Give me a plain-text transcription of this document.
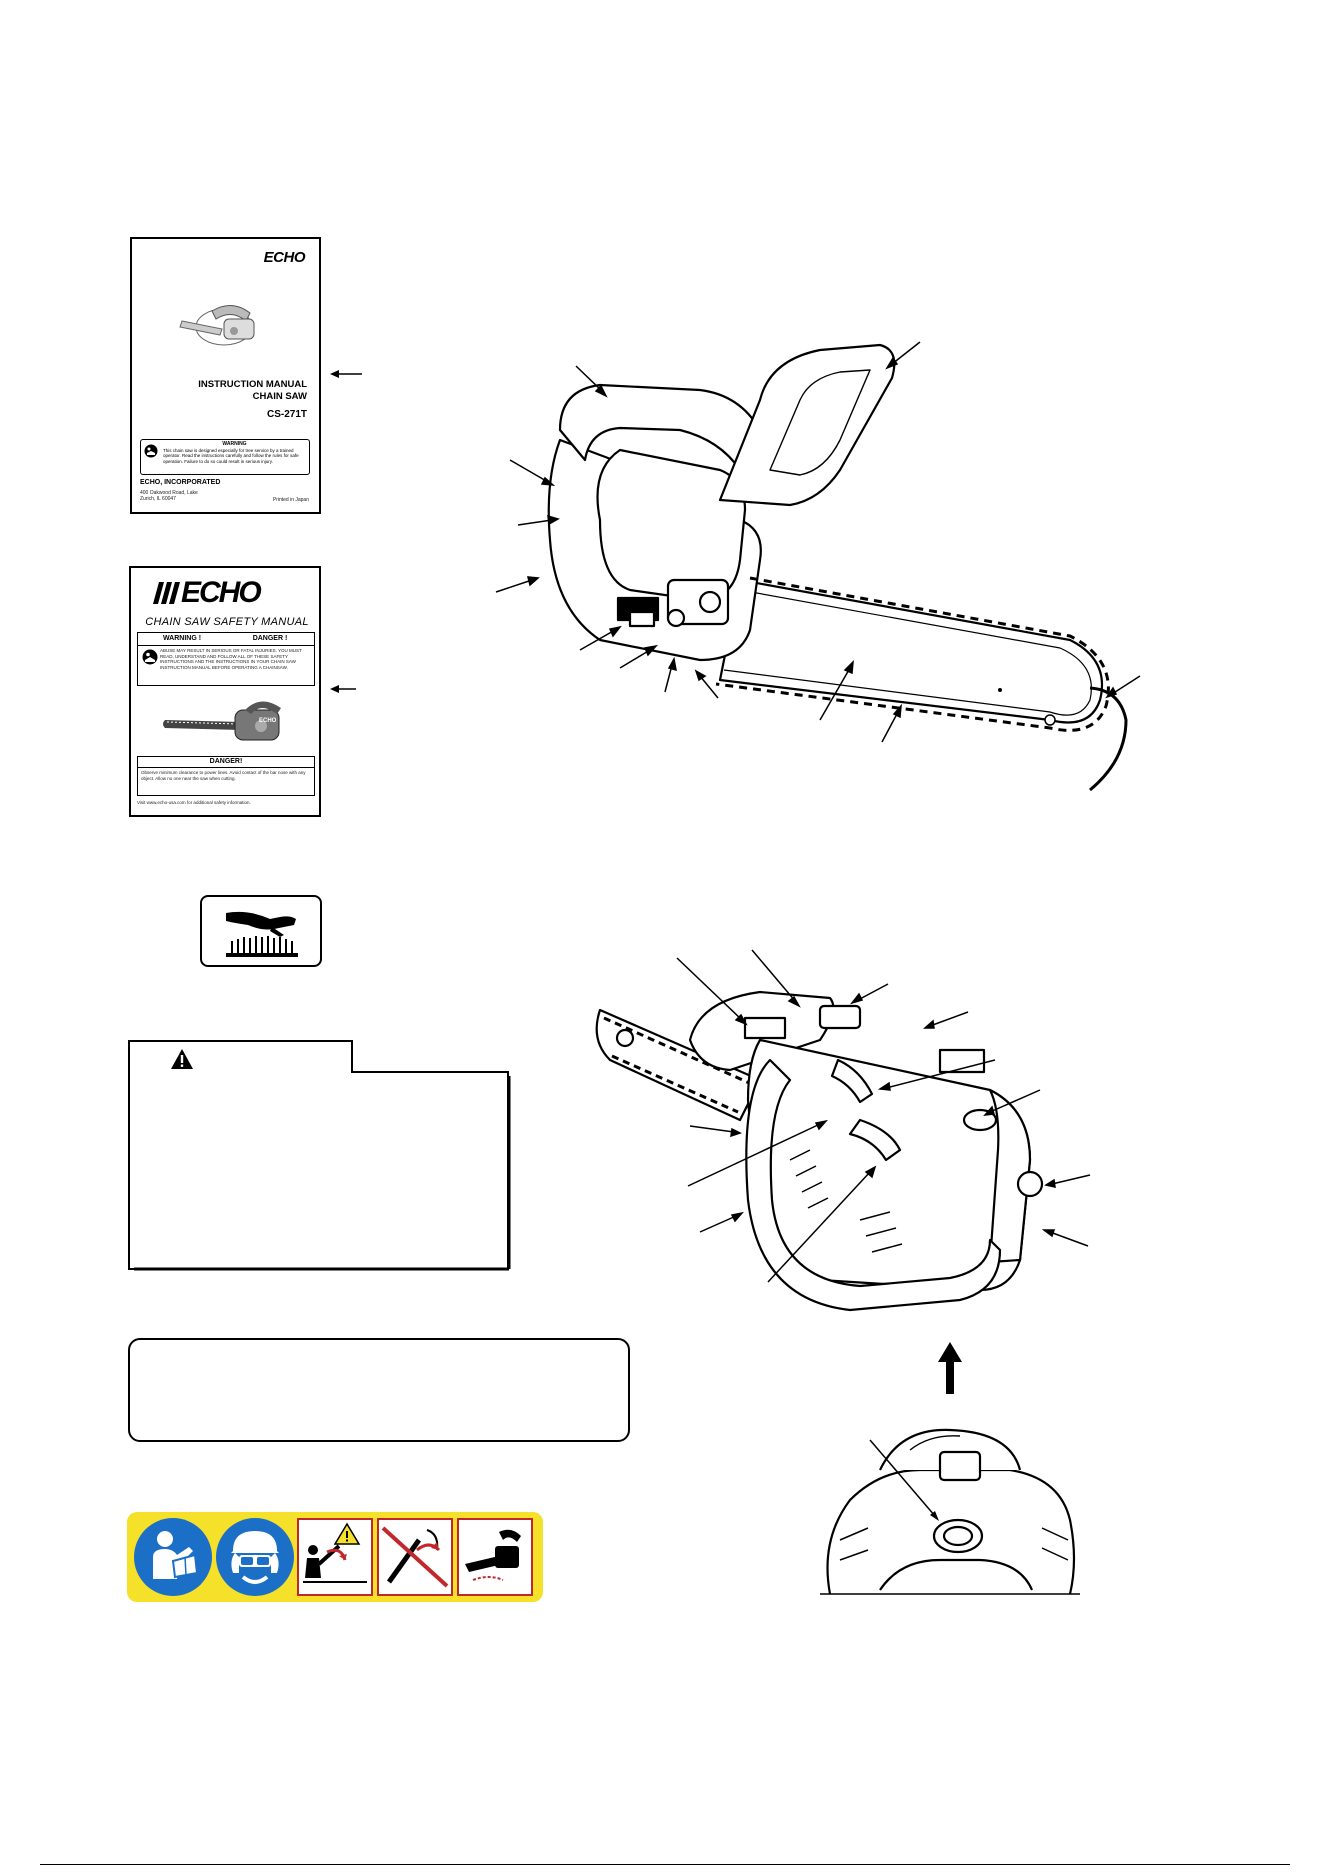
ECHO
INSTRUCTION MANUAL
CHAIN SAW
CS-271T
WARNING
This chain saw is designed especially for tree service by a trained operator. Read the instructions carefully and follow the rules for safe operation. Failure to do so could result in serious injury.
ECHO, INCORPORATED
400 Oakwood Road, Lake Zurich, IL 60047	Printed in Japan
ECHO
CHAIN SAW SAFETY MANUAL
WARNING !	DANGER !
ABUSE MAY RESULT IN SERIOUS OR FATAL INJURIES. YOU MUST READ, UNDERSTAND AND FOLLOW ALL OF THESE SAFETY INSTRUCTIONS AND THE INSTRUCTIONS IN YOUR CHAIN SAW INSTRUCTION MANUAL BEFORE OPERATING A CHAINSAW.
ECHO
DANGER!
Observe minimum clearance to power lines. Avoid contact of the bar nose with any object. Allow no one near the saw when cutting.
Visit www.echo-usa.com for additional safety information.
